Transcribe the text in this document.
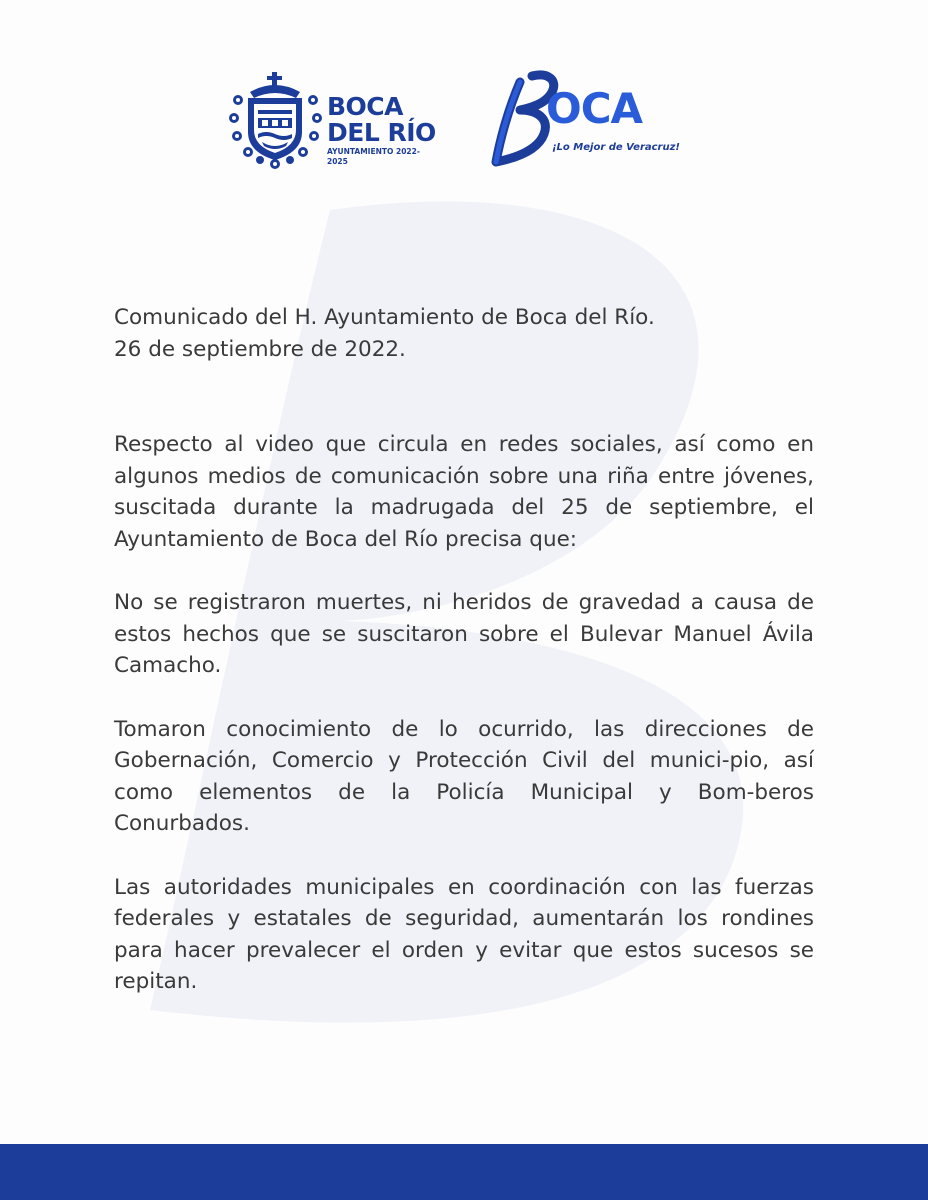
BOCA
DEL RÍO
AYUNTAMIENTO 2022-2025
OCA
¡Lo Mejor de Veracruz!
Comunicado del H. Ayuntamiento de Boca del Río.
26 de septiembre de 2022.

Respecto al video que circula en redes sociales, así como en algunos medios de comunicación sobre una riña entre jóvenes, suscitada durante la madrugada del 25 de septiembre, el Ayuntamiento de Boca del Río precisa que:

No se registraron muertes, ni heridos de gravedad a causa de estos hechos que se suscitaron sobre el Bulevar Manuel Ávila Camacho.

Tomaron conocimiento de lo ocurrido, las direcciones de Gobernación, Comercio y Protección Civil del munici-pio, así como elementos de la Policía Municipal y Bom-beros Conurbados.

Las autoridades municipales en coordinación con las fuerzas federales y estatales de seguridad, aumentarán los rondines para hacer prevalecer el orden y evitar que estos sucesos se repitan.
